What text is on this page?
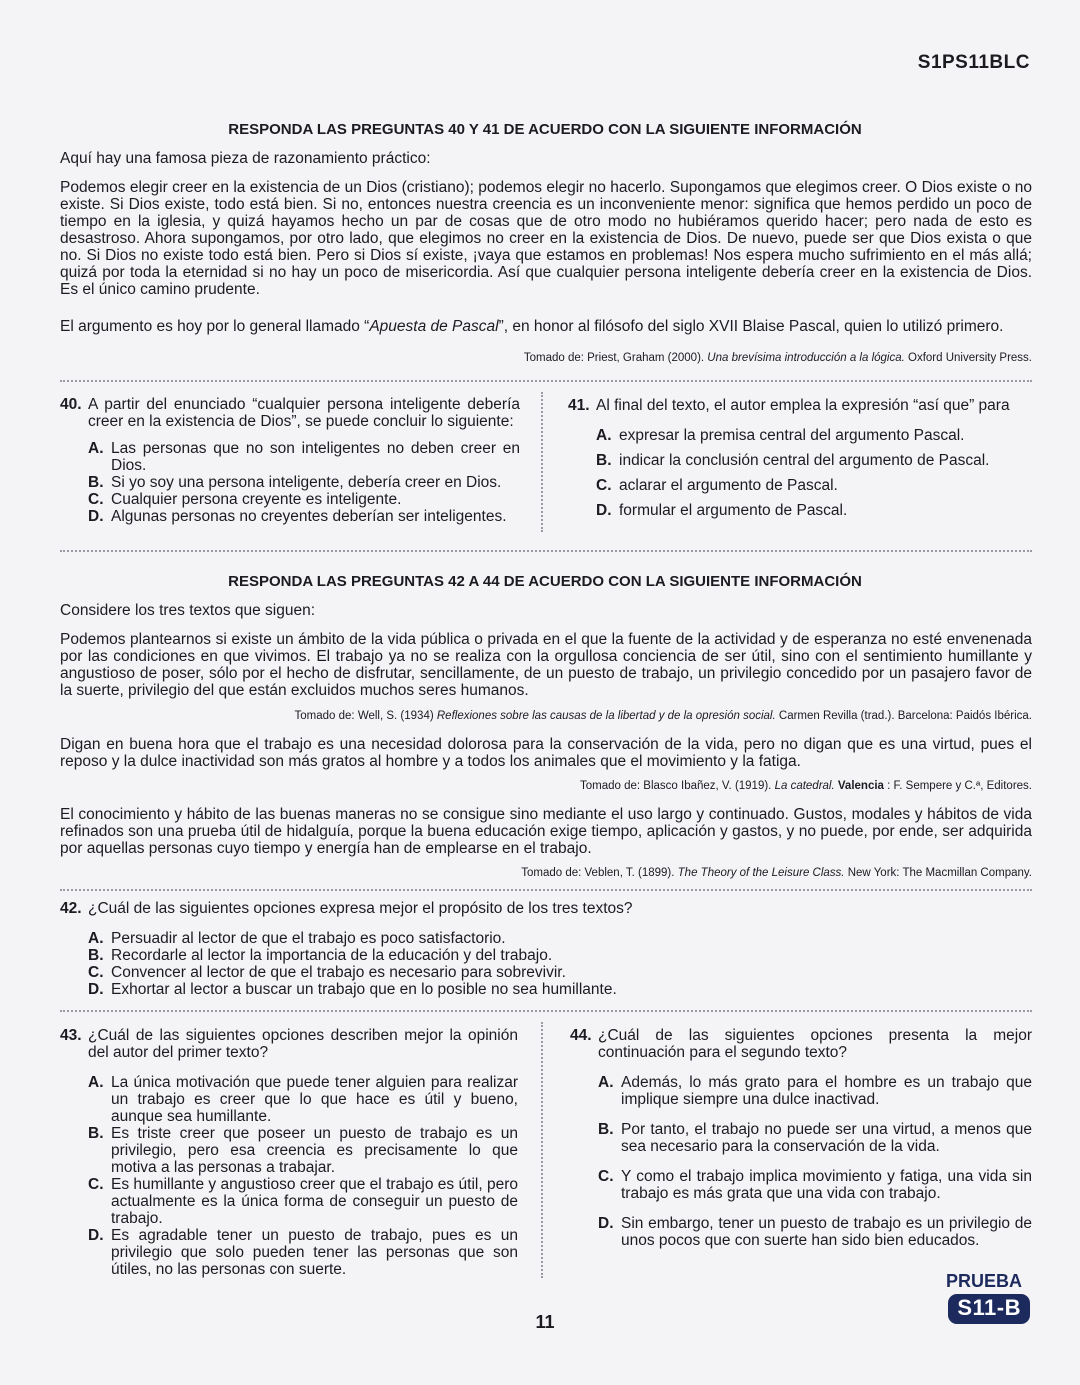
S1PS11BLC
RESPONDA LAS PREGUNTAS 40 Y 41 DE ACUERDO CON LA SIGUIENTE INFORMACIÓN

Aquí hay una famosa pieza de razonamiento práctico:

Podemos elegir creer en la existencia de un Dios (cristiano); podemos elegir no hacerlo. Supongamos que elegimos creer. O Dios existe o no existe. Si Dios existe, todo está bien. Si no, entonces nuestra creencia es un inconveniente menor: significa que hemos perdido un poco de tiempo en la iglesia, y quizá hayamos hecho un par de cosas que de otro modo no hubiéramos querido hacer; pero nada de esto es desastroso. Ahora supongamos, por otro lado, que elegimos no creer en la existencia de Dios. De nuevo, puede ser que Dios exista o que no. Si Dios no existe todo está bien. Pero si Dios sí existe, ¡vaya que estamos en problemas! Nos espera mucho sufrimiento en el más allá; quizá por toda la eternidad si no hay un poco de misericordia. Así que cualquier persona inteligente debería creer en la existencia de Dios. Es el único camino prudente.

El argumento es hoy por lo general llamado “Apuesta de Pascal”, en honor al filósofo del siglo XVII Blaise Pascal, quien lo utilizó primero.

Tomado de: Priest, Graham (2000). Una brevísima introducción a la lógica. Oxford University Press.
40. A partir del enunciado “cualquier persona inteligente debería creer en la existencia de Dios”, se puede concluir lo siguiente:
A. Las personas que no son inteligentes no deben creer en Dios.
B. Si yo soy una persona inteligente, debería creer en Dios.
C. Cualquier persona creyente es inteligente.
D. Algunas personas no creyentes deberían ser inteligentes.
41. Al final del texto, el autor emplea la expresión “así que” para
A. expresar la premisa central del argumento Pascal.
B. indicar la conclusión central del argumento de Pascal.
C. aclarar el argumento de Pascal.
D. formular el argumento de Pascal.
RESPONDA LAS PREGUNTAS 42 A 44 DE ACUERDO CON LA SIGUIENTE INFORMACIÓN

Considere los tres textos que siguen:

Podemos plantearnos si existe un ámbito de la vida pública o privada en el que la fuente de la actividad y de esperanza no esté envenenada por las condiciones en que vivimos. El trabajo ya no se realiza con la orgullosa conciencia de ser útil, sino con el sentimiento humillante y angustioso de poser, sólo por el hecho de disfrutar, sencillamente, de un puesto de trabajo, un privilegio concedido por un pasajero favor de la suerte, privilegio del que están excluidos muchos seres humanos.

Tomado de: Well, S. (1934) Reflexiones sobre las causas de la libertad y de la opresión social. Carmen Revilla (trad.). Barcelona: Paidós Ibérica.

Digan en buena hora que el trabajo es una necesidad dolorosa para la conservación de la vida, pero no digan que es una virtud, pues el reposo y la dulce inactividad son más gratos al hombre y a todos los animales que el movimiento y la fatiga.

Tomado de: Blasco Ibañez, V. (1919). La catedral. Valencia : F. Sempere y C.ª, Editores.

El conocimiento y hábito de las buenas maneras no se consigue sino mediante el uso largo y continuado. Gustos, modales y hábitos de vida refinados son una prueba útil de hidalguía, porque la buena educación exige tiempo, aplicación y gastos, y no puede, por ende, ser adquirida por aquellas personas cuyo tiempo y energía han de emplearse en el trabajo.

Tomado de: Veblen, T. (1899). The Theory of the Leisure Class. New York: The Macmillan Company.
42. ¿Cuál de las siguientes opciones expresa mejor el propósito de los tres textos?
A. Persuadir al lector de que el trabajo es poco satisfactorio.
B. Recordarle al lector la importancia de la educación y del trabajo.
C. Convencer al lector de que el trabajo es necesario para sobrevivir.
D. Exhortar al lector a buscar un trabajo que en lo posible no sea humillante.
43. ¿Cuál de las siguientes opciones describen mejor la opinión del autor del primer texto?
A. La única motivación que puede tener alguien para realizar un trabajo es creer que lo que hace es útil y bueno, aunque sea humillante.
B. Es triste creer que poseer un puesto de trabajo es un privilegio, pero esa creencia es precisamente lo que motiva a las personas a trabajar.
C. Es humillante y angustioso creer que el trabajo es útil, pero actualmente es la única forma de conseguir un puesto de trabajo.
D. Es agradable tener un puesto de trabajo, pues es un privilegio que solo pueden tener las personas que son útiles, no las personas con suerte.
44. ¿Cuál de las siguientes opciones presenta la mejor continuación para el segundo texto?
A. Además, lo más grato para el hombre es un trabajo que implique siempre una dulce inactivad.
B. Por tanto, el trabajo no puede ser una virtud, a menos que sea necesario para la conservación de la vida.
C. Y como el trabajo implica movimiento y fatiga, una vida sin trabajo es más grata que una vida con trabajo.
D. Sin embargo, tener un puesto de trabajo es un privilegio de unos pocos que con suerte han sido bien educados.
11
PRUEBA
S11-B
